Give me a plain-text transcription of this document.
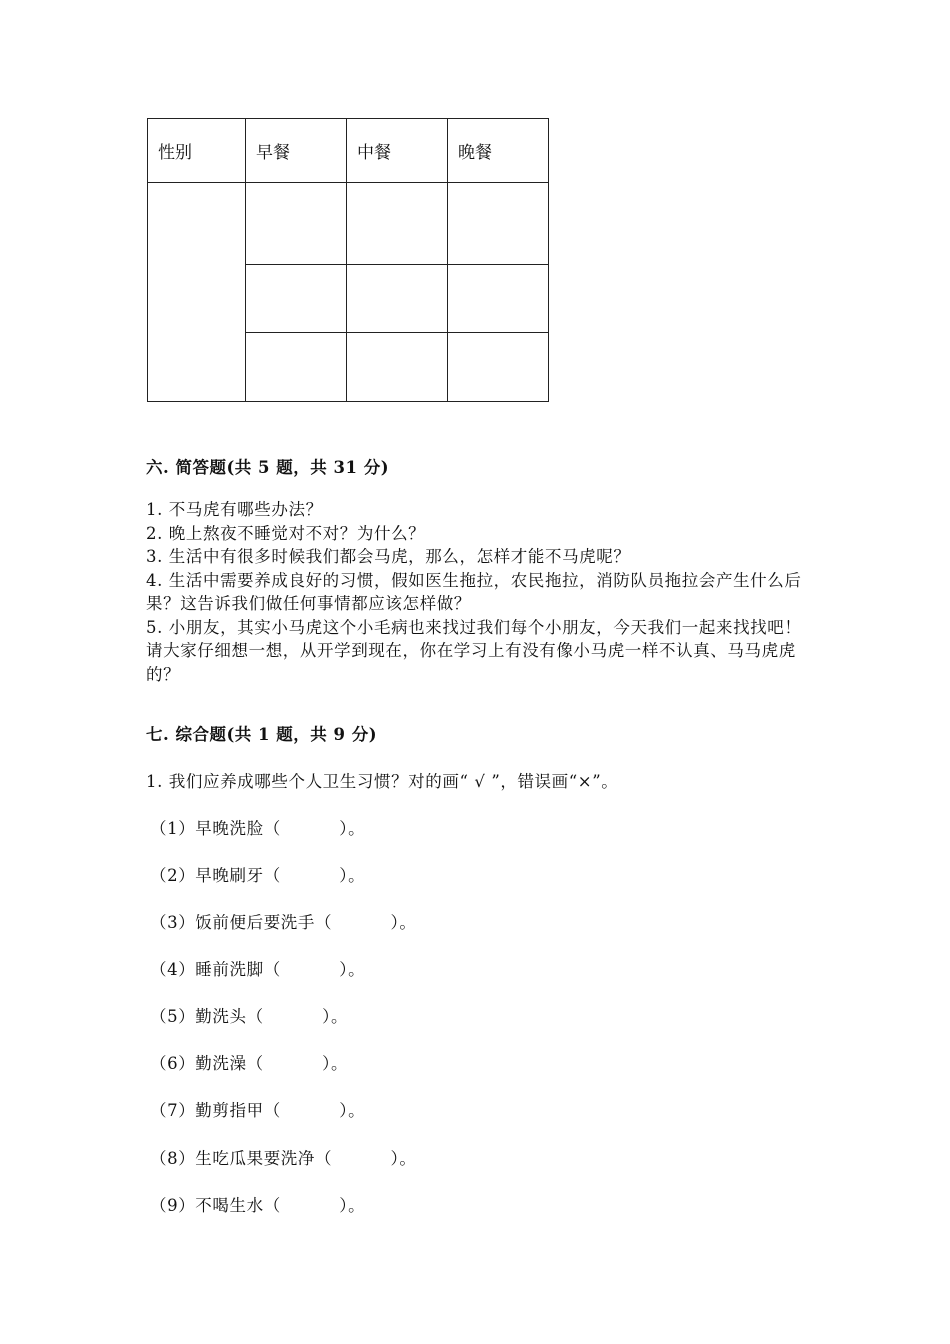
性别	早餐	中餐	晚餐

六. 简答题(共 5 题，共 31 分)

1. 不马虎有哪些办法？

2. 晚上熬夜不睡觉对不对？为什么？

3. 生活中有很多时候我们都会马虎，那么，怎样才能不马虎呢？

4. 生活中需要养成良好的习惯，假如医生拖拉，农民拖拉，消防队员拖拉会产生什么后果？这告诉我们做任何事情都应该怎样做？

5. 小朋友，其实小马虎这个小毛病也来找过我们每个小朋友，今天我们一起来找找吧！请大家仔细想一想，从开学到现在，你在学习上有没有像小马虎一样不认真、马马虎虎的？

七. 综合题(共 1 题，共 9 分)

1. 我们应养成哪些个人卫生习惯？对的画“ √ ”，错误画“×”。

（1）早晚洗脸（          ）。

（2）早晚刷牙（          ）。

（3）饭前便后要洗手（          ）。

（4）睡前洗脚（          ）。

（5）勤洗头（          ）。

（6）勤洗澡（          ）。

（7）勤剪指甲（          ）。

（8）生吃瓜果要洗净（          ）。

（9）不喝生水（          ）。
